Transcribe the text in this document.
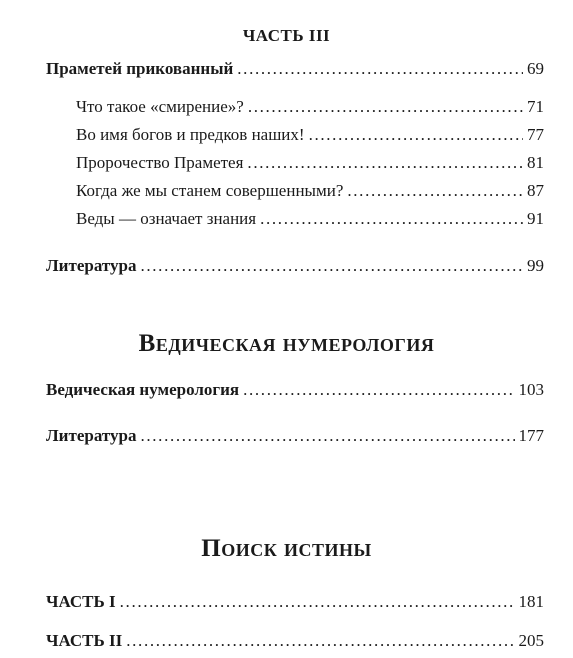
ЧАСТЬ III
Праметей прикованный . . .	69
Что такое «смирение»? . . .	71
Во имя богов и предков наших! . . .	77
Пророчество Праметея . . .	81
Когда же мы станем совершенными? . . .	87
Веды — означает знания . . .	91
Литература . . .	99
Ведическая нумерология
Ведическая нумерология . . .	103
Литература . . .	177
Поиск истины
ЧАСТЬ I . . .	181
ЧАСТЬ II . . .	205
